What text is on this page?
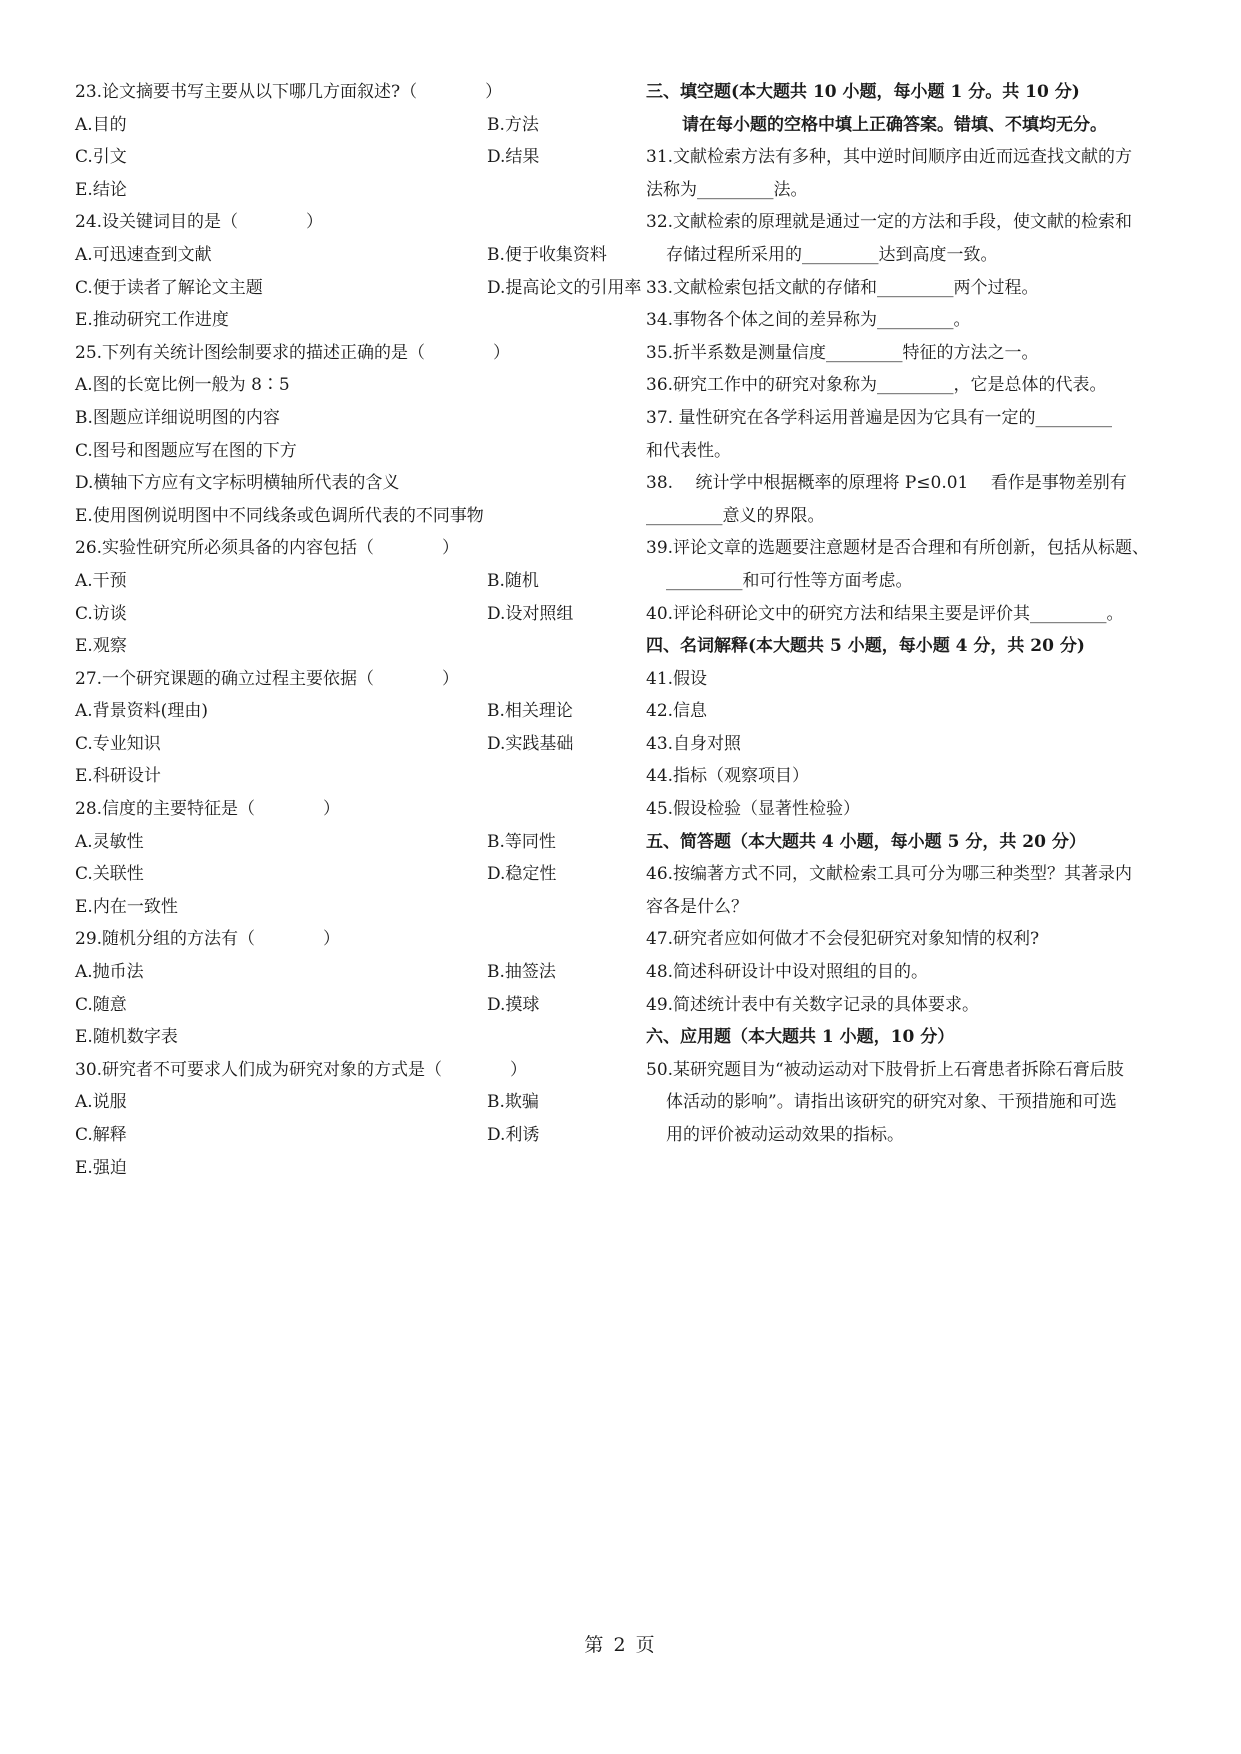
23.论文摘要书写主要从以下哪几方面叙述?（　　　　）
A.目的	B.方法
C.引文	D.结果
E.结论
24.设关键词目的是（　　　　）
A.可迅速查到文献	B.便于收集资料
C.便于读者了解论文主题	D.提高论文的引用率
E.推动研究工作进度
25.下列有关统计图绘制要求的描述正确的是（　　　　）
A.图的长宽比例一般为 8∶5
B.图题应详细说明图的内容
C.图号和图题应写在图的下方
D.横轴下方应有文字标明横轴所代表的含义
E.使用图例说明图中不同线条或色调所代表的不同事物
26.实验性研究所必须具备的内容包括（　　　　）
A.干预	B.随机
C.访谈	D.设对照组
E.观察
27.一个研究课题的确立过程主要依据（　　　　）
A.背景资料(理由)	B.相关理论
C.专业知识	D.实践基础
E.科研设计
28.信度的主要特征是（　　　　）
A.灵敏性	B.等同性
C.关联性	D.稳定性
E.内在一致性
29.随机分组的方法有（　　　　）
A.抛币法	B.抽签法
C.随意	D.摸球
E.随机数字表
30.研究者不可要求人们成为研究对象的方式是（　　　　）
A.说服	B.欺骗
C.解释	D.利诱
E.强迫
三、填空题(本大题共 10 小题，每小题 1 分。共 10 分)
请在每小题的空格中填上正确答案。错填、不填均无分。
31.文献检索方法有多种，其中逆时间顺序由近而远查找文献的方
法称为_________法。
32.文献检索的原理就是通过一定的方法和手段，使文献的检索和
存储过程所采用的_________达到高度一致。
33.文献检索包括文献的存储和_________两个过程。
34.事物各个体之间的差异称为_________。
35.折半系数是测量信度_________特征的方法之一。
36.研究工作中的研究对象称为_________，它是总体的代表。
37. 量性研究在各学科运用普遍是因为它具有一定的_________
和代表性。
38.　 统计学中根据概率的原理将 P≤0.01　 看作是事物差别有
_________意义的界限。
39.评论文章的选题要注意题材是否合理和有所创新，包括从标题、
_________和可行性等方面考虑。
40.评论科研论文中的研究方法和结果主要是评价其_________。
四、名词解释(本大题共 5 小题，每小题 4 分，共 20 分)
41.假设
42.信息
43.自身对照
44.指标（观察项目）
45.假设检验（显著性检验）
五、简答题（本大题共 4 小题，每小题 5 分，共 20 分）
46.按编著方式不同，文献检索工具可分为哪三种类型？其著录内
容各是什么？
47.研究者应如何做才不会侵犯研究对象知情的权利?
48.简述科研设计中设对照组的目的。
49.简述统计表中有关数字记录的具体要求。
六、应用题（本大题共 1 小题，10 分）
50.某研究题目为“被动运动对下肢骨折上石膏患者拆除石膏后肢
体活动的影响”。请指出该研究的研究对象、干预措施和可选
用的评价被动运动效果的指标。
第 2 页
